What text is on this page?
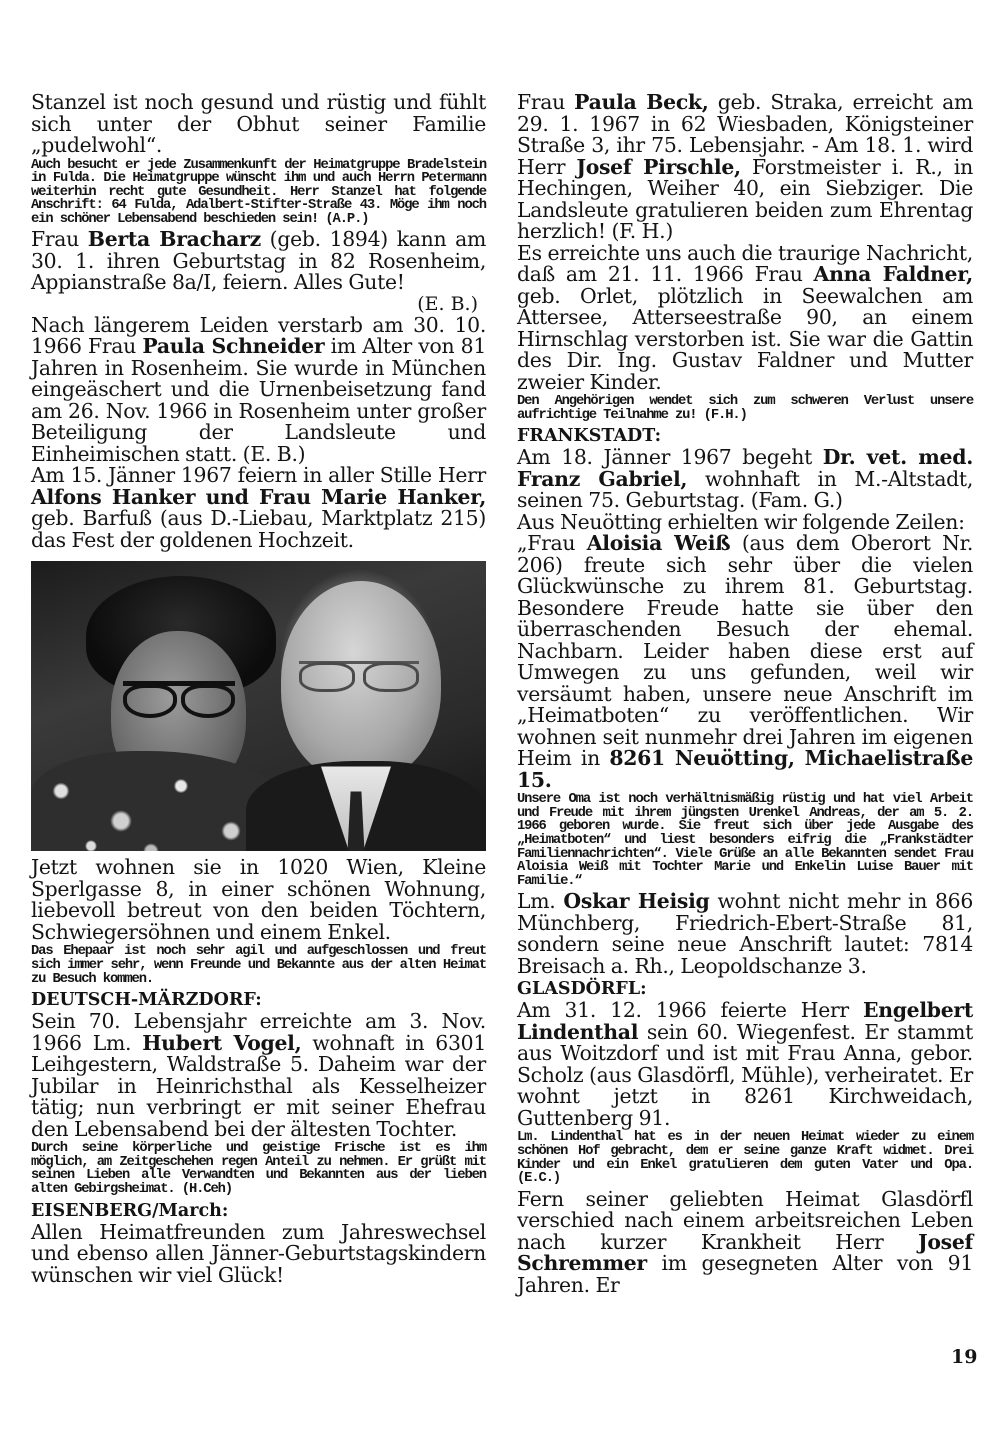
Stanzel ist noch gesund und rüstig und fühlt sich unter der Obhut seiner Familie „pudelwohl“.

Auch besucht er jede Zusammenkunft der Heimatgruppe Bradelstein in Fulda. Die Heimatgruppe wünscht ihm und auch Herrn Petermann weiterhin recht gute Gesundheit. Herr Stanzel hat folgende Anschrift: 64 Fulda, Adalbert-Stifter-Straße 43. Möge ihm noch ein schöner Lebensabend beschieden sein! (A.P.)

Frau Berta Bracharz (geb. 1894) kann am 30. 1. ihren Geburtstag in 82 Rosenheim, Appianstraße 8a/I, feiern. Alles Gute!

(E. B.)

Nach längerem Leiden verstarb am 30. 10. 1966 Frau Paula Schneider im Alter von 81 Jahren in Rosenheim. Sie wurde in München eingeäschert und die Urnenbeisetzung fand am 26. Nov. 1966 in Rosenheim unter großer Beteiligung der Landsleute und Einheimischen statt. (E. B.)

Am 15. Jänner 1967 feiern in aller Stille Herr Alfons Hanker und Frau Marie Hanker, geb. Barfuß (aus D.-Liebau, Marktplatz 215) das Fest der goldenen Hochzeit.

Jetzt wohnen sie in 1020 Wien, Kleine Sperlgasse 8, in einer schönen Wohnung, liebevoll betreut von den beiden Töchtern, Schwiegersöhnen und einem Enkel.

Das Ehepaar ist noch sehr agil und aufgeschlossen und freut sich immer sehr, wenn Freunde und Bekannte aus der alten Heimat zu Besuch kommen.

DEUTSCH-MÄRZDORF:

Sein 70. Lebensjahr erreichte am 3. Nov. 1966 Lm. Hubert Vogel, wohnaft in 6301 Leihgestern, Waldstraße 5. Daheim war der Jubilar in Heinrichsthal als Kesselheizer tätig; nun verbringt er mit seiner Ehefrau den Lebensabend bei der ältesten Tochter.

Durch seine körperliche und geistige Frische ist es ihm möglich, am Zeitgeschehen regen Anteil zu nehmen. Er grüßt mit seinen Lieben alle Verwandten und Bekannten aus der lieben alten Gebirgsheimat. (H.Ceh)

EISENBERG/March:

Allen Heimatfreunden zum Jahreswechsel und ebenso allen Jänner-Geburtstagskindern wünschen wir viel Glück!

Frau Paula Beck, geb. Straka, erreicht am 29. 1. 1967 in 62 Wiesbaden, Königsteiner Straße 3, ihr 75. Lebensjahr. - Am 18. 1. wird Herr Josef Pirschle, Forstmeister i. R., in Hechingen, Weiher 40, ein Siebziger. Die Landsleute gratulieren beiden zum Ehrentag herzlich! (F. H.)

Es erreichte uns auch die traurige Nachricht, daß am 21. 11. 1966 Frau Anna Faldner, geb. Orlet, plötzlich in Seewalchen am Attersee, Atterseestraße 90, an einem Hirnschlag verstorben ist. Sie war die Gattin des Dir. Ing. Gustav Faldner und Mutter zweier Kinder.

Den Angehörigen wendet sich zum schweren Verlust unsere aufrichtige Teilnahme zu! (F.H.)

FRANKSTADT:

Am 18. Jänner 1967 begeht Dr. vet. med. Franz Gabriel, wohnhaft in M.-Altstadt, seinen 75. Geburtstag. (Fam. G.)

Aus Neuötting erhielten wir folgende Zeilen:

„Frau Aloisia Weiß (aus dem Oberort Nr. 206) freute sich sehr über die vielen Glückwünsche zu ihrem 81. Geburtstag. Besondere Freude hatte sie über den überraschenden Besuch der ehemal. Nachbarn. Leider haben diese erst auf Umwegen zu uns gefunden, weil wir versäumt haben, unsere neue Anschrift im „Heimatboten“ zu veröffentlichen. Wir wohnen seit nunmehr drei Jahren im eigenen Heim in 8261 Neuötting, Michaelistraße 15.

Unsere Oma ist noch verhältnismäßig rüstig und hat viel Arbeit und Freude mit ihrem jüngsten Urenkel Andreas, der am 5. 2. 1966 geboren wurde. Sie freut sich über jede Ausgabe des „Heimatboten“ und liest besonders eifrig die „Frankstädter Familiennachrichten“. Viele Grüße an alle Bekannten sendet Frau Aloisia Weiß mit Tochter Marie und Enkelin Luise Bauer mit Familie.“

Lm. Oskar Heisig wohnt nicht mehr in 866 Münchberg, Friedrich-Ebert-Straße 81, sondern seine neue Anschrift lautet: 7814 Breisach a. Rh., Leopoldschanze 3.

GLASDÖRFL:

Am 31. 12. 1966 feierte Herr Engelbert Lindenthal sein 60. Wiegenfest. Er stammt aus Woitzdorf und ist mit Frau Anna, gebor. Scholz (aus Glasdörfl, Mühle), verheiratet. Er wohnt jetzt in 8261 Kirchweidach, Guttenberg 91.

Lm. Lindenthal hat es in der neuen Heimat wieder zu einem schönen Hof gebracht, dem er seine ganze Kraft widmet. Drei Kinder und ein Enkel gratulieren dem guten Vater und Opa. (E.C.)

Fern seiner geliebten Heimat Glasdörfl verschied nach einem arbeitsreichen Leben nach kurzer Krankheit Herr Josef Schremmer im gesegneten Alter von 91 Jahren. Er

19
